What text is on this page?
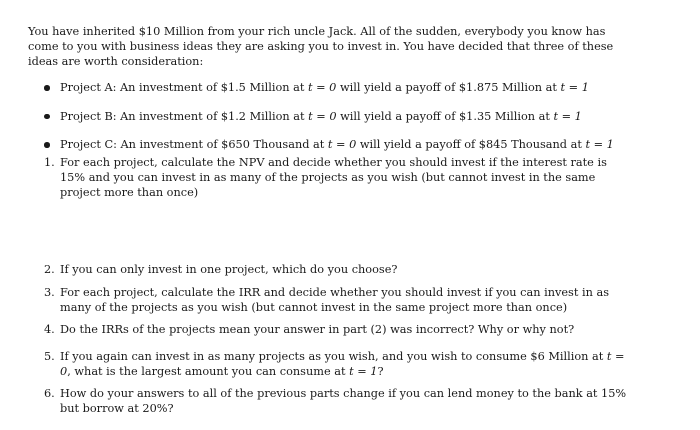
You have inherited $10 Million from your rich uncle Jack. All of the sudden, everybody you know has come to you with business ideas they are asking you to invest in. You have decided that three of these ideas are worth consideration:

Project A: An investment of $1.5 Million at t = 0 will yield a payoff of $1.875 Million at t = 1
Project B: An investment of $1.2 Million at t = 0 will yield a payoff of $1.35 Million at t = 1
Project C: An investment of $650 Thousand at t = 0 will yield a payoff of $845 Thousand at t = 1
1. For each project, calculate the NPV and decide whether you should invest if the interest rate is 15% and you can invest in as many of the projects as you wish (but cannot invest in the same project more than once)
2. If you can only invest in one project, which do you choose?
3. For each project, calculate the IRR and decide whether you should invest if you can invest in as many of the projects as you wish (but cannot invest in the same project more than once)
4. Do the IRRs of the projects mean your answer in part (2) was incorrect? Why or why not?
5. If you again can invest in as many projects as you wish, and you wish to consume $6 Million at t = 0, what is the largest amount you can consume at t = 1?
6. How do your answers to all of the previous parts change if you can lend money to the bank at 15% but borrow at 20%?
